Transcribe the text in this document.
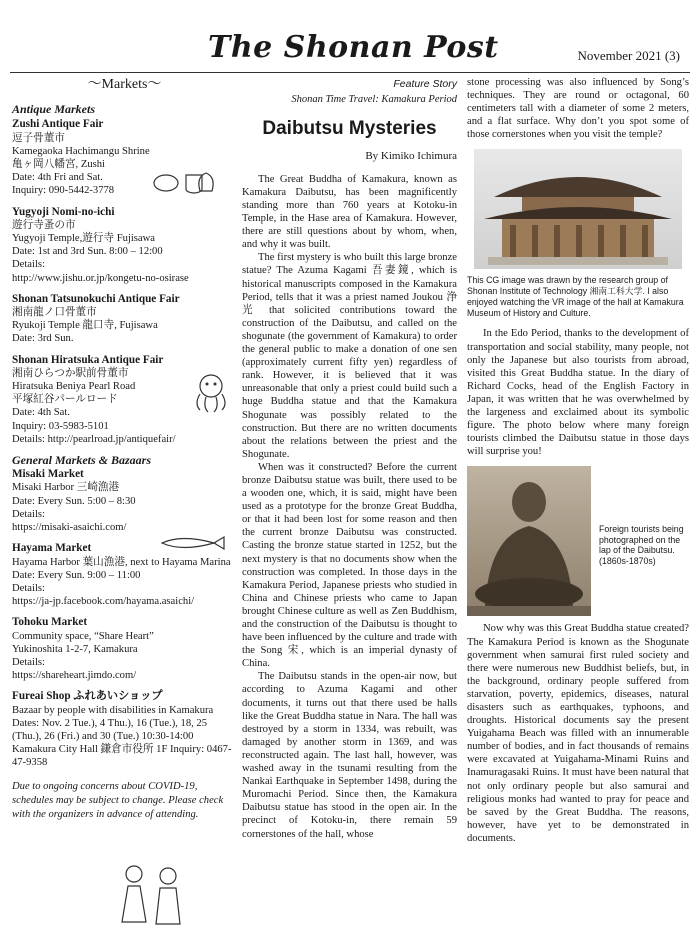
The Shonan Post	November 2021 (3)
～Markets～
Antique Markets
Zushi Antique Fair
逗子骨董市
Kamegaoka Hachimangu Shrine
亀ヶ岡八幡宮, Zushi
Date: 4th Fri and Sat.
Inquiry: 090-5442-3778
Yugyoji Nomi-no-ichi
遊行寺蚤の市
Yugyoji Temple,遊行寺 Fujisawa
Date: 1st and 3rd Sun. 8:00 – 12:00
Details:
http://www.jishu.or.jp/kongetu-no-osirase
Shonan Tatsunokuchi Antique Fair
湘南龍ノ口骨董市
Ryukoji Temple 龍口寺, Fujisawa
Date: 3rd Sun.
Shonan Hiratsuka Antique Fair
湘南ひらつか駅前骨董市
Hiratsuka Beniya Pearl Road
平塚紅谷パールロード
Date: 4th Sat.
Inquiry: 03-5983-5101
Details: http://pearlroad.jp/antiquefair/
General Markets & Bazaars
Misaki Market
Misaki Harbor 三崎漁港
Date: Every Sun. 5:00 – 8:30
Details:
https://misaki-asaichi.com/
Hayama Market
Hayama Harbor 葉山漁港, next to Hayama Marina
Date: Every Sun. 9:00 – 11:00
Details:
https://ja-jp.facebook.com/hayama.asaichi/
Tohoku Market
Community space, “Share Heart”
Yukinoshita 1-2-7, Kamakura
Details:
https://shareheart.jimdo.com/
Fureai Shop ふれあいショップ
Bazaar by people with disabilities in Kamakura
Dates: Nov. 2 Tue.), 4 Thu.), 16 (Tue.), 18, 25 (Thu.), 26 (Fri.) and 30 (Tue.) 10:30-14:00
Kamakura City Hall 鎌倉市役所 1F Inquiry: 0467-47-9358
Due to ongoing concerns about COVID-19, schedules may be subject to change. Please check with the organizers in advance of attending.
Feature Story
Shonan Time Travel: Kamakura Period
Daibutsu Mysteries
By Kimiko Ichimura

The Great Buddha of Kamakura, known as Kamakura Daibutsu, has been magnificently standing more than 760 years at Kotoku-in Temple, in the Hase area of Kamakura. However, there are still questions about by whom, when, and why it was built.

The first mystery is who built this large bronze statue? The Azuma Kagami 吾妻鏡, which is historical manuscripts composed in the Kamakura Period, tells that it was a priest named Joukou 浄光 that solicited contributions toward the construction of the Daibutsu, and called on the shogunate (the government of Kamakura) to order the general public to make a donation of one sen (approximately current fifty yen) regardless of rank. However, it is believed that it was unreasonable that only a priest could build such a huge Buddha statue and that the Kamakura Shogunate was possibly related to the construction. But there are no written documents about the relations between the priest and the Shogunate.

When was it constructed? Before the current bronze Daibutsu statue was built, there used to be a wooden one, which, it is said, might have been used as a prototype for the bronze Great Buddha, or that it had been lost for some reason and then the current bronze Daibutsu was constructed. Casting the bronze statue started in 1252, but the next mystery is that no documents show when the construction was completed. In those days in the Kamakura Period, Japanese priests who studied in China and Chinese priests who came to Japan brought Chinese culture as well as Zen Buddhism, and the construction of the Daibutsu is thought to have been influenced by the culture and trade with the Song 宋, which is an imperial dynasty of China.

The Daibutsu stands in the open-air now, but according to Azuma Kagami and other documents, it turns out that there used be halls like the Great Buddha statue in Nara. The hall was destroyed by a storm in 1334, was rebuilt, was damaged by another storm in 1369, and was reconstructed again. The last hall, however, was washed away in the tsunami resulting from the Nankai Earthquake in September 1498, during the Muromachi Period. Since then, the Kamakura Daibutsu statue has stood in the open air. In the precinct of Kotoku-in, there remain 59 cornerstones of the hall, whose

stone processing was also influenced by Song’s techniques. They are round or octagonal, 60 centimeters tall with a diameter of some 2 meters, and a flat surface. Why don’t you spot some of those cornerstones when you visit the temple?

This CG image was drawn by the research group of Shonan Institute of Technology 湘南工科大学. I also enjoyed watching the VR image of the hall at Kamakura Museum of History and Culture.

In the Edo Period, thanks to the development of transportation and social stability, many people, not only the Japanese but also tourists from abroad, visited this Great Buddha statue. In the diary of Richard Cocks, head of the English Factory in Japan, it was written that he was overwhelmed by the largeness and exclaimed about its symbolic figure. The photo below where many foreign tourists climbed the Daibutsu statue in those days will surprise you!

Foreign tourists being photographed on the lap of the Daibutsu. (1860s-1870s)

Now why was this Great Buddha statue created? The Kamakura Period is known as the Shogunate government when samurai first ruled society and there were numerous new Buddhist beliefs, but, in the background, ordinary people suffered from starvation, poverty, epidemics, diseases, natural disasters such as earthquakes, typhoons, and droughts. Historical documents say the present Yuigahama Beach was filled with an innumerable number of bodies, and in fact thousands of remains were excavated at Yuigahama-Minami Ruins and Inamuragasaki Ruins. It must have been natural that not only ordinary people but also samurai and religious monks had wanted to pray for peace and be saved by the Great Buddha. The reasons, however, have yet to be demonstrated in documents.
